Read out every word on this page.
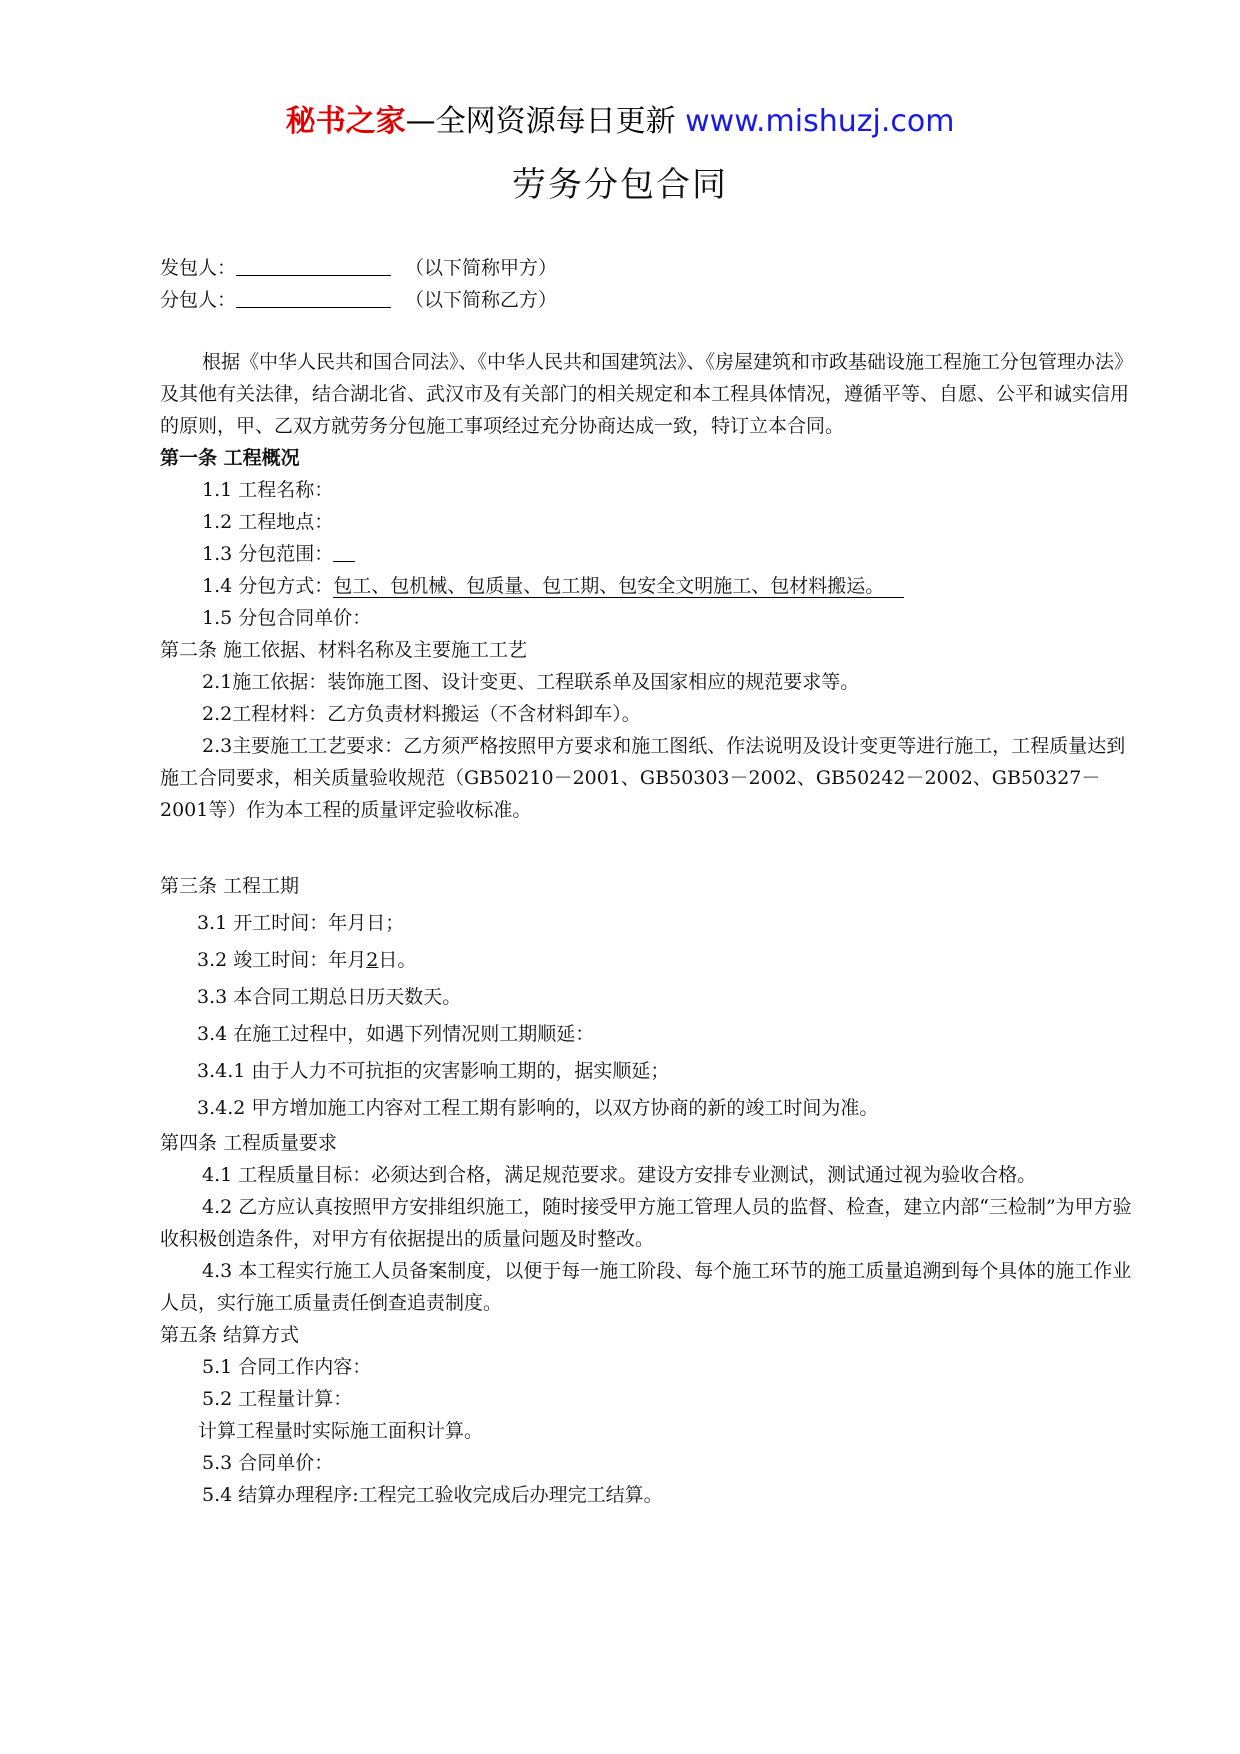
秘书之家—全网资源每日更新 www.mishuzj.com
劳务分包合同
发包人：	（以下简称甲方）
分包人：	（以下简称乙方）
根据《中华人民共和国合同法》、《中华人民共和国建筑法》、《房屋建筑和市政基础设施工程施工分包管理办法》及其他有关法律，结合湖北省、武汉市及有关部门的相关规定和本工程具体情况，遵循平等、自愿、公平和诚实信用的原则，甲、乙双方就劳务分包施工事项经过充分协商达成一致，特订立本合同。
第一条 工程概况
1.1 工程名称：
1.2 工程地点：
1.3 分包范围：
1.4 分包方式：包工、包机械、包质量、包工期、包安全文明施工、包材料搬运。
1.5 分包合同单价：
第二条 施工依据、材料名称及主要施工工艺
2.1施工依据：装饰施工图、设计变更、工程联系单及国家相应的规范要求等。
2.2工程材料：乙方负责材料搬运（不含材料卸车）。
2.3主要施工工艺要求：乙方须严格按照甲方要求和施工图纸、作法说明及设计变更等进行施工，工程质量达到施工合同要求，相关质量验收规范（GB50210－2001、GB50303－2002、GB50242－2002、GB50327－2001等）作为本工程的质量评定验收标准。
第三条 工程工期
3.1 开工时间：年月日；
3.2 竣工时间：年月2日。
3.3 本合同工期总日历天数天。
3.4 在施工过程中，如遇下列情况则工期顺延：
3.4.1 由于人力不可抗拒的灾害影响工期的，据实顺延；
3.4.2 甲方增加施工内容对工程工期有影响的，以双方协商的新的竣工时间为准。
第四条 工程质量要求
4.1 工程质量目标：必须达到合格，满足规范要求。建设方安排专业测试，测试通过视为验收合格。
4.2 乙方应认真按照甲方安排组织施工，随时接受甲方施工管理人员的监督、检查，建立内部“三检制”为甲方验收积极创造条件，对甲方有依据提出的质量问题及时整改。
4.3 本工程实行施工人员备案制度，以便于每一施工阶段、每个施工环节的施工质量追溯到每个具体的施工作业人员，实行施工质量责任倒查追责制度。
第五条 结算方式
5.1 合同工作内容：
5.2 工程量计算：
计算工程量时实际施工面积计算。
5.3 合同单价：
5.4 结算办理程序:工程完工验收完成后办理完工结算。
